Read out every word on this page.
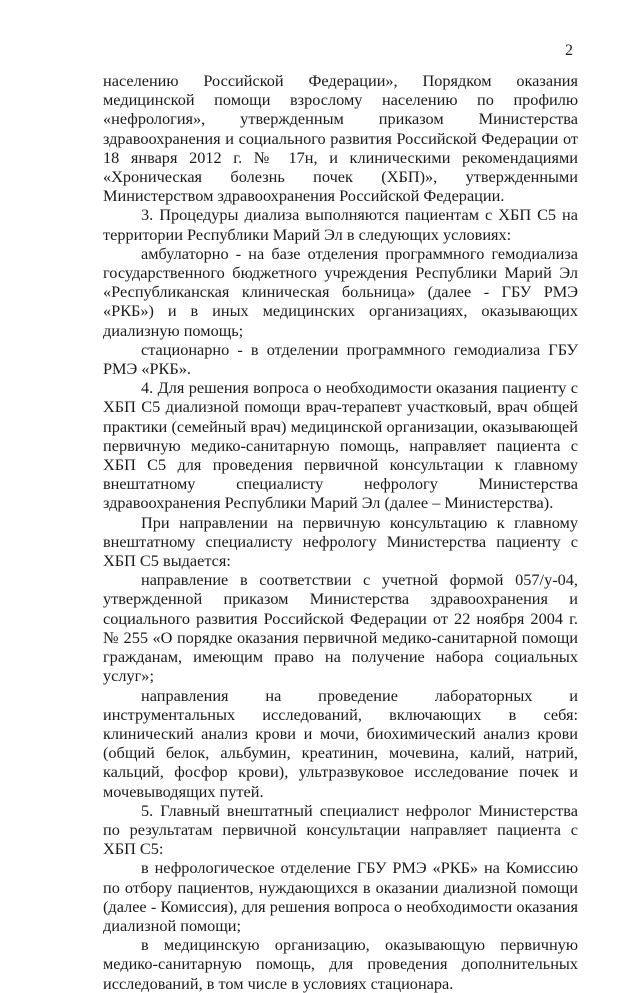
2

населению Российской Федерации», Порядком оказания медицинской помощи взрослому населению по профилю «нефрология», утвержденным приказом Министерства здравоохранения и социального развития Российской Федерации от 18 января 2012 г. № 17н, и клиническими рекомендациями «Хроническая болезнь почек (ХБП)», утвержденными Министерством здравоохранения Российской Федерации.

3. Процедуры диализа выполняются пациентам с ХБП С5 на территории Республики Марий Эл в следующих условиях:

амбулаторно - на базе отделения программного гемодиализа государственного бюджетного учреждения Республики Марий Эл «Республиканская клиническая больница» (далее - ГБУ РМЭ «РКБ») и в иных медицинских организациях, оказывающих диализную помощь;

стационарно - в отделении программного гемодиализа ГБУ РМЭ «РКБ».

4. Для решения вопроса о необходимости оказания пациенту с ХБП С5 диализной помощи врач-терапевт участковый, врач общей практики (семейный врач) медицинской организации, оказывающей первичную медико-санитарную помощь, направляет пациента с ХБП С5 для проведения первичной консультации к главному внештатному специалисту нефрологу Министерства здравоохранения Республики Марий Эл (далее – Министерства).

При направлении на первичную консультацию к главному внештатному специалисту нефрологу Министерства пациенту с ХБП С5 выдается:

направление в соответствии с учетной формой 057/у-04, утвержденной приказом Министерства здравоохранения и социального развития Российской Федерации от 22 ноября 2004 г. № 255 «О порядке оказания первичной медико-санитарной помощи гражданам, имеющим право на получение набора социальных услуг»;

направления на проведение лабораторных и инструментальных исследований, включающих в себя: клинический анализ крови и мочи, биохимический анализ крови (общий белок, альбумин, креатинин, мочевина, калий, натрий, кальций, фосфор крови), ультразвуковое исследование почек и мочевыводящих путей.

5. Главный внештатный специалист нефролог Министерства по результатам первичной консультации направляет пациента с ХБП С5:

в нефрологическое отделение ГБУ РМЭ «РКБ» на Комиссию по отбору пациентов, нуждающихся в оказании диализной помощи (далее - Комиссия), для решения вопроса о необходимости оказания диализной помощи;

в медицинскую организацию, оказывающую первичную медико-санитарную помощь, для проведения дополнительных исследований, в том числе в условиях стационара.
